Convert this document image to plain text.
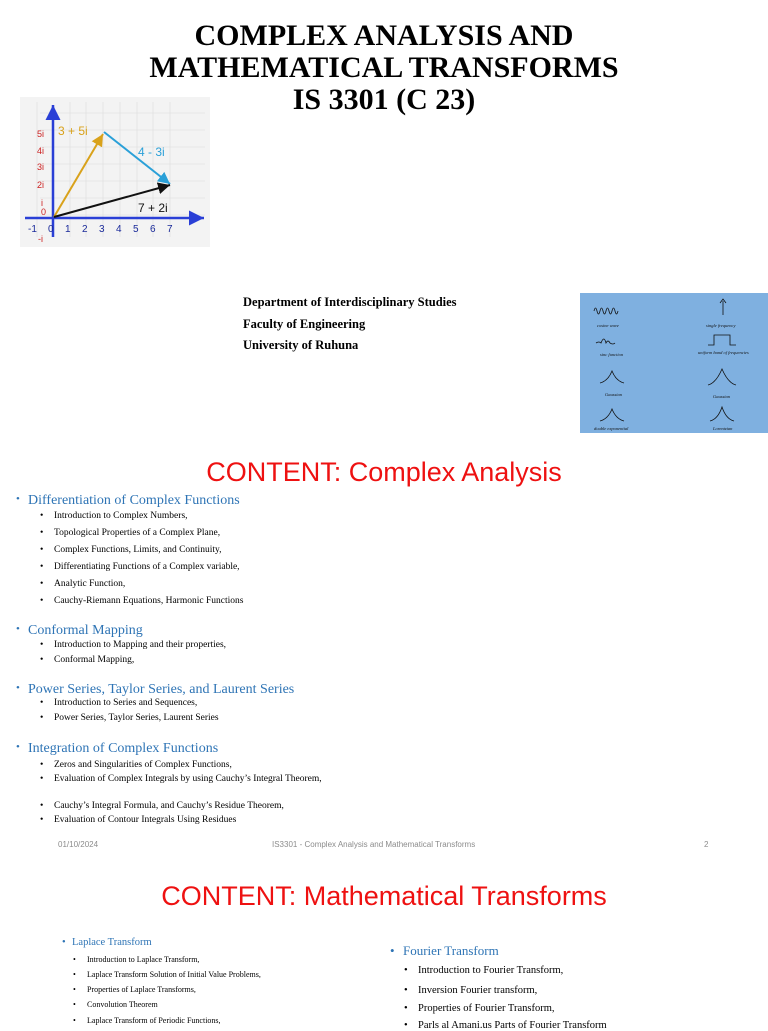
COMPLEX ANALYSIS AND
MATHEMATICAL TRANSFORMS
IS 3301 (C 23)
5i
4i
3i
2i
i
0
-i
-1 0 1 2 3 4 5 6 7
3 + 5i
4 - 3i
7 + 2i
Department of Interdisciplinary Studies
Faculty of Engineering
University of Ruhuna
cosine wave	single frequency
sinc function	uniform band of frequencies
Gaussian	Gaussian
double exponential	Lorentzian
CONTENT: Complex Analysis
• Differentiation of Complex Functions
• Introduction to Complex Numbers,
• Topological Properties of a Complex Plane,
• Complex Functions, Limits, and Continuity,
• Differentiating Functions of a Complex variable,
• Analytic Function,
• Cauchy-Riemann Equations, Harmonic Functions
• Conformal Mapping
• Introduction to Mapping and their properties,
• Conformal Mapping,
• Power Series, Taylor Series, and Laurent Series
• Introduction to Series and Sequences,
• Power Series, Taylor Series, Laurent Series
• Integration of Complex Functions
• Zeros and Singularities of Complex Functions,
• Evaluation of Complex Integrals by using Cauchy’s Integral Theorem,
• Cauchy’s Integral Formula, and Cauchy’s Residue Theorem,
• Evaluation of Contour Integrals Using Residues
01/10/2024	IS3301 - Complex Analysis and Mathematical Transforms	2
CONTENT: Mathematical Transforms
• Laplace Transform
• Introduction to Laplace Transform,
• Laplace Transform Solution of Initial Value Problems,
• Properties of Laplace Transforms,
• Convolution Theorem
• Laplace Transform of Periodic Functions,
• Fourier Transform
• Introduction to Fourier Transform,
• Inversion Fourier transform,
• Properties of Fourier Transform,
• Parls al Amani.us Parts of Fourier Transform
